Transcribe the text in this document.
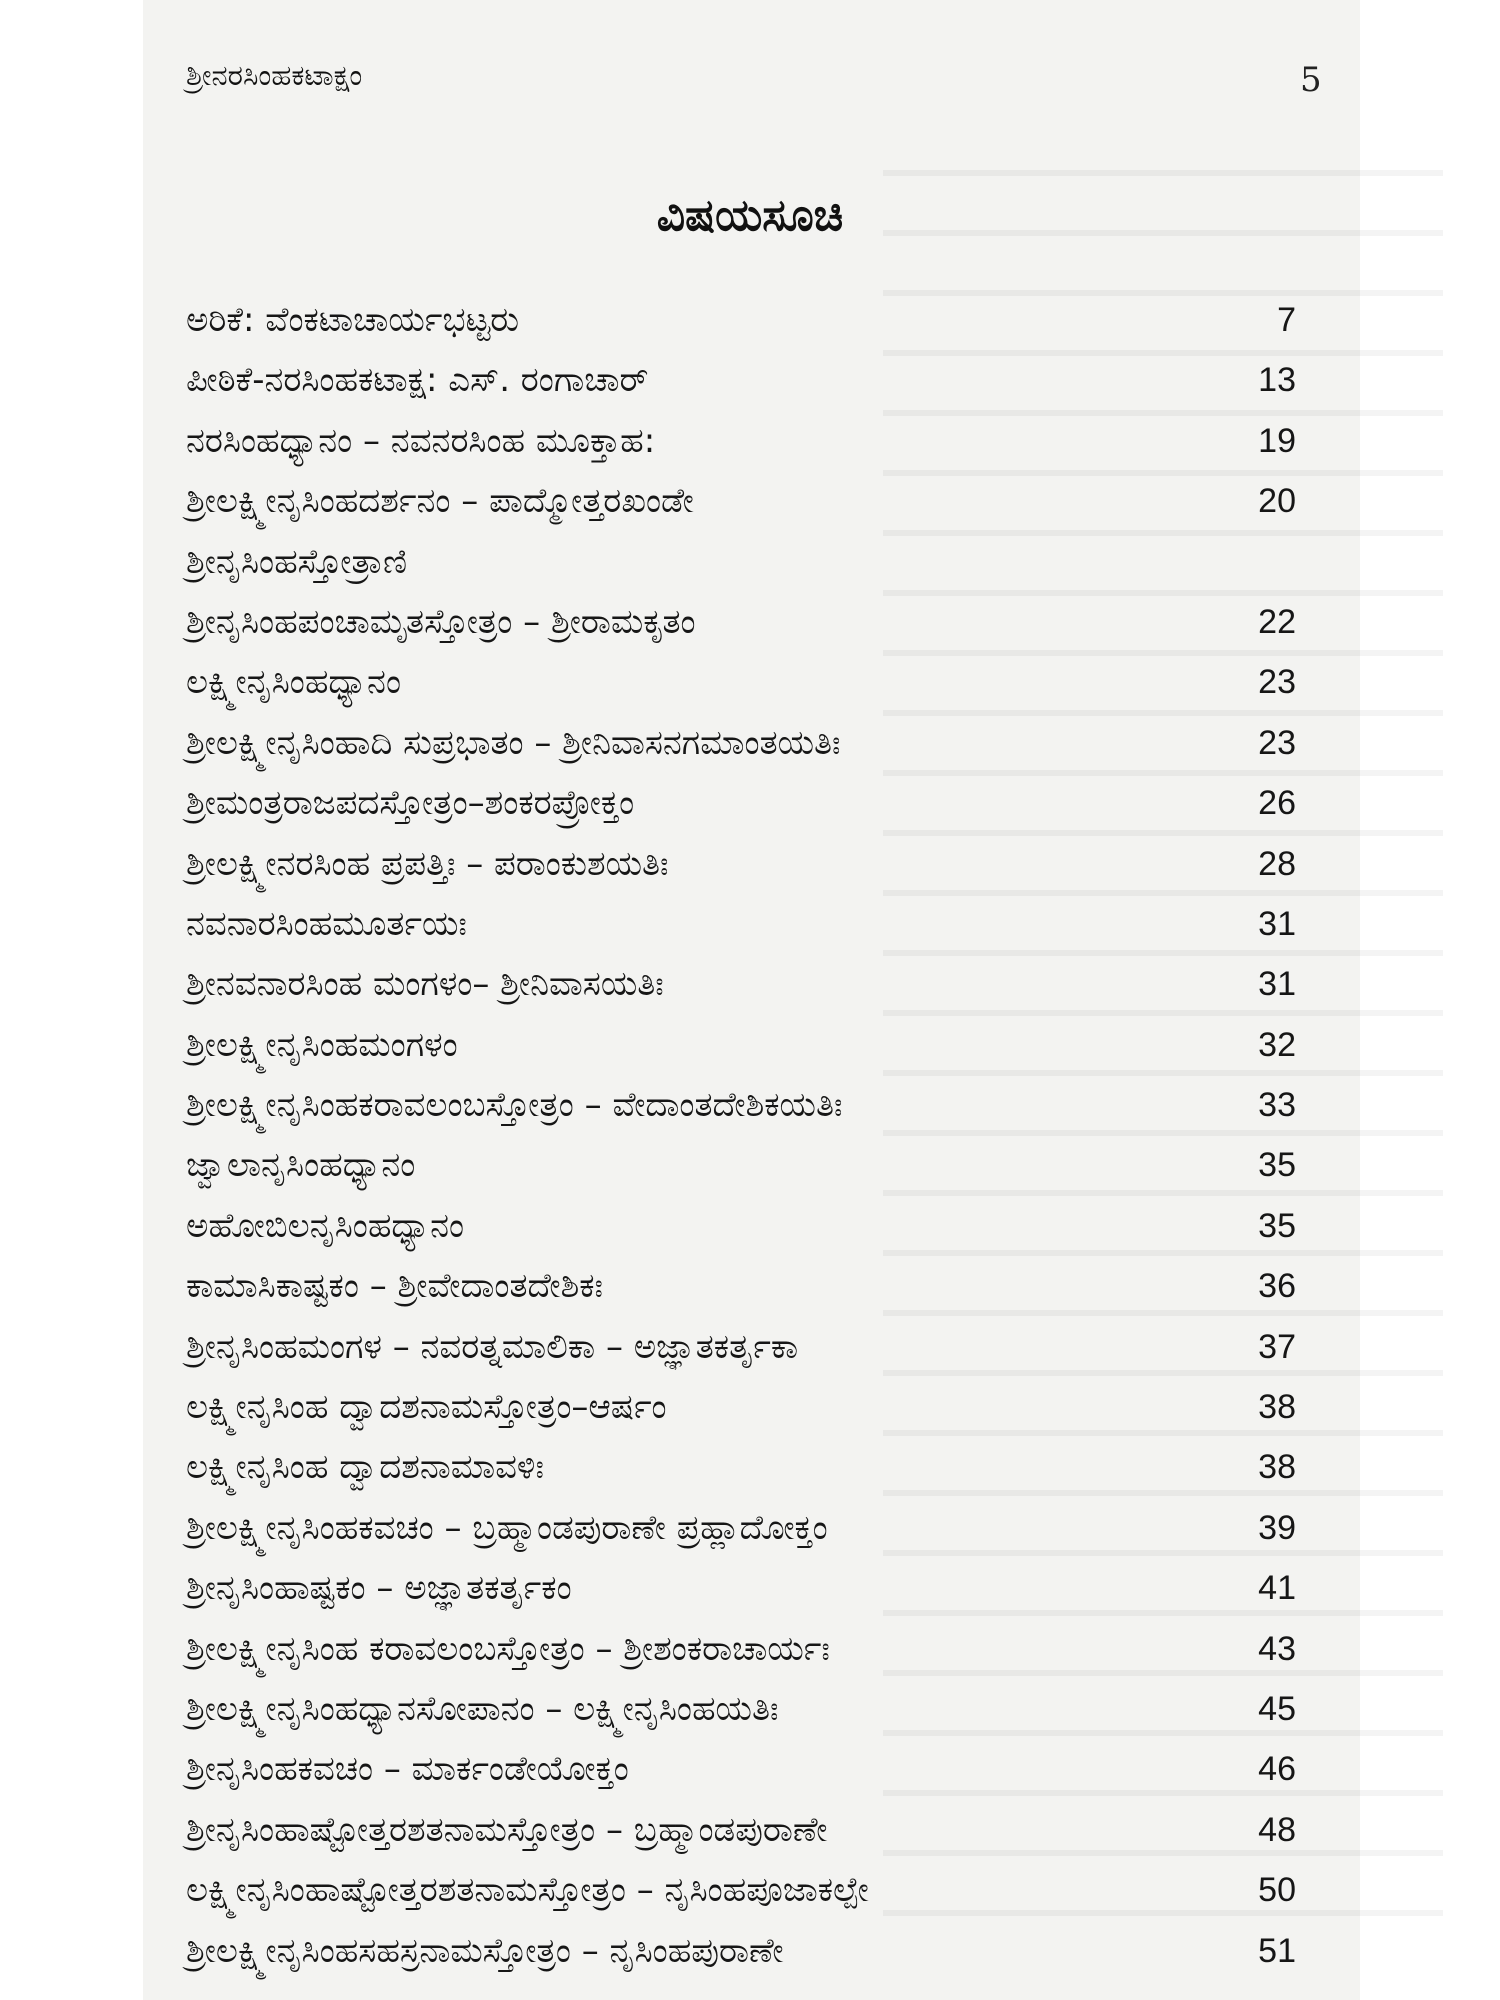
ಶ್ರೀನರಸಿಂಹಕಟಾಕ್ಷಂ	5
ವಿಷಯಸೂಚಿ
ಅರಿಕೆ: ವೆಂಕಟಾಚಾರ್ಯಭಟ್ಟರು	7
ಪೀಠಿಕೆ-ನರಸಿಂಹಕಟಾಕ್ಷ: ಎಸ್. ರಂಗಾಚಾರ್	13
ನರಸಿಂಹಧ್ಯಾನಂ – ನವನರಸಿಂಹ ಮೂಕ್ತಾಹ:	19
ಶ್ರೀಲಕ್ಷ್ಮೀನೃಸಿಂಹದರ್ಶನಂ – ಪಾದ್ಮೋತ್ತರಖಂಡೇ	20
ಶ್ರೀನೃಸಿಂಹಸ್ತೋತ್ರಾಣಿ
ಶ್ರೀನೃಸಿಂಹಪಂಚಾಮೃತಸ್ತೋತ್ರಂ – ಶ್ರೀರಾಮಕೃತಂ	22
ಲಕ್ಷ್ಮೀನೃಸಿಂಹಧ್ಯಾನಂ	23
ಶ್ರೀಲಕ್ಷ್ಮೀನೃಸಿಂಹಾದಿ ಸುಪ್ರಭಾತಂ – ಶ್ರೀನಿವಾಸನಗಮಾಂತಯತಿಃ	23
ಶ್ರೀಮಂತ್ರರಾಜಪದಸ್ತೋತ್ರಂ–ಶಂಕರಪ್ರೋಕ್ತಂ	26
ಶ್ರೀಲಕ್ಷ್ಮೀನರಸಿಂಹ ಪ್ರಪತ್ತಿಃ – ಪರಾಂಕುಶಯತಿಃ	28
ನವನಾರಸಿಂಹಮೂರ್ತಯಃ	31
ಶ್ರೀನವನಾರಸಿಂಹ ಮಂಗಳಂ– ಶ್ರೀನಿವಾಸಯತಿಃ	31
ಶ್ರೀಲಕ್ಷ್ಮೀನೃಸಿಂಹಮಂಗಳಂ	32
ಶ್ರೀಲಕ್ಷ್ಮೀನೃಸಿಂಹಕರಾವಲಂಬಸ್ತೋತ್ರಂ – ವೇದಾಂತದೇಶಿಕಯತಿಃ	33
ಜ್ವಾಲಾನೃಸಿಂಹಧ್ಯಾನಂ	35
ಅಹೋಬಿಲನೃಸಿಂಹಧ್ಯಾನಂ	35
ಕಾಮಾಸಿಕಾಷ್ಟಕಂ – ಶ್ರೀವೇದಾಂತದೇಶಿಕಃ	36
ಶ್ರೀನೃಸಿಂಹಮಂಗಳ – ನವರತ್ನಮಾಲಿಕಾ – ಅಜ್ಞಾತಕರ್ತೃಕಾ	37
ಲಕ್ಷ್ಮೀನೃಸಿಂಹ ದ್ವಾದಶನಾಮಸ್ತೋತ್ರಂ–ಆರ್ಷಂ	38
ಲಕ್ಷ್ಮೀನೃಸಿಂಹ ದ್ವಾದಶನಾಮಾವಳಿಃ	38
ಶ್ರೀಲಕ್ಷ್ಮೀನೃಸಿಂಹಕವಚಂ – ಬ್ರಹ್ಮಾಂಡಪುರಾಣೇ ಪ್ರಹ್ಲಾದೋಕ್ತಂ	39
ಶ್ರೀನೃಸಿಂಹಾಷ್ಟಕಂ – ಅಜ್ಞಾತಕರ್ತೃಕಂ	41
ಶ್ರೀಲಕ್ಷ್ಮೀನೃಸಿಂಹ ಕರಾವಲಂಬಸ್ತೋತ್ರಂ – ಶ್ರೀಶಂಕರಾಚಾರ್ಯಃ	43
ಶ್ರೀಲಕ್ಷ್ಮೀನೃಸಿಂಹಧ್ಯಾನಸೋಪಾನಂ – ಲಕ್ಷ್ಮೀನೃಸಿಂಹಯತಿಃ	45
ಶ್ರೀನೃಸಿಂಹಕವಚಂ – ಮಾರ್ಕಂಡೇಯೋಕ್ತಂ	46
ಶ್ರೀನೃಸಿಂಹಾಷ್ಟೋತ್ತರಶತನಾಮಸ್ತೋತ್ರಂ – ಬ್ರಹ್ಮಾಂಡಪುರಾಣೇ	48
ಲಕ್ಷ್ಮೀನೃಸಿಂಹಾಷ್ಟೋತ್ತರಶತನಾಮಸ್ತೋತ್ರಂ – ನೃಸಿಂಹಪೂಜಾಕಲ್ಪೇ	50
ಶ್ರೀಲಕ್ಷ್ಮೀನೃಸಿಂಹಸಹಸ್ರನಾಮಸ್ತೋತ್ರಂ – ನೃಸಿಂಹಪುರಾಣೇ	51
